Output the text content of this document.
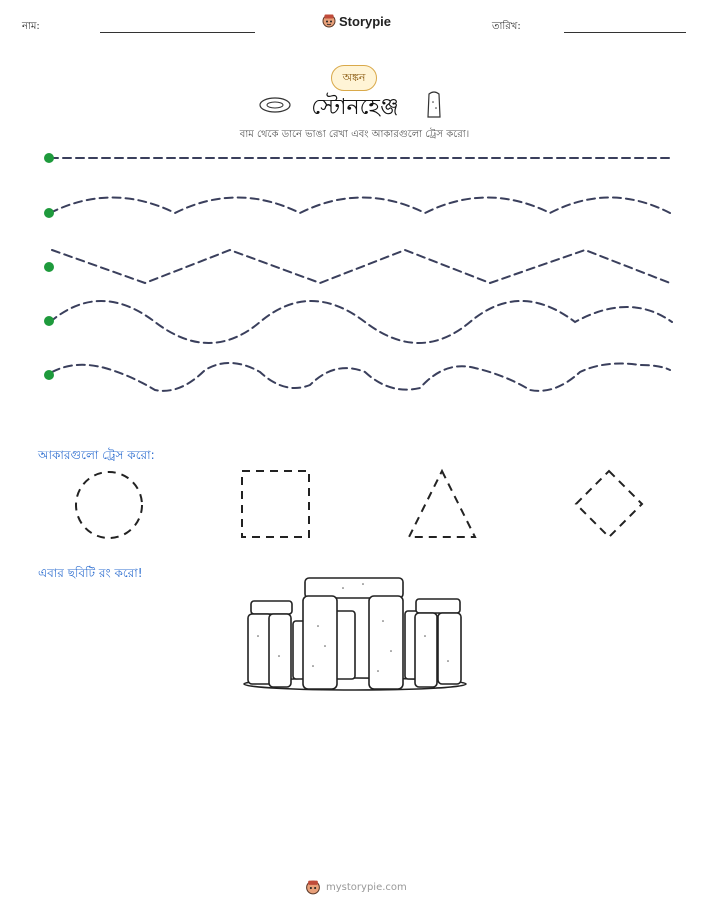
নাম:	Storypie	তারিখ:
অঙ্কন
স্টোনহেঞ্জ
বাম থেকে ডানে ভাঙা রেখা এবং আকারগুলো ট্রেস করো।
আকারগুলো ট্রেস করো:
এবার ছবিটি রং করো!
mystorypie.com
